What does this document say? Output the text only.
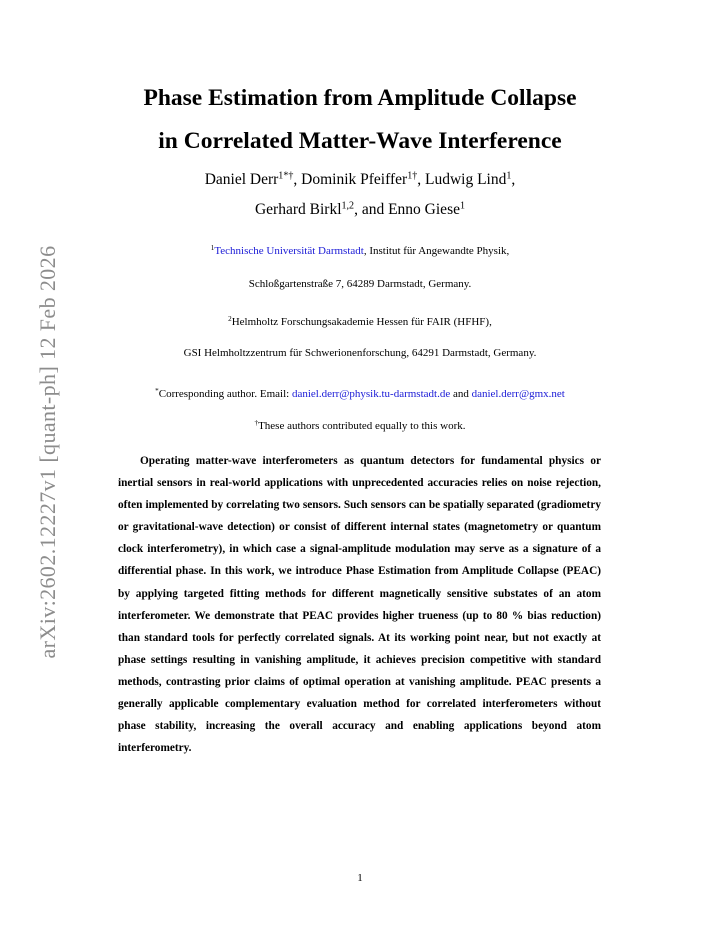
arXiv:2602.12227v1 [quant-ph] 12 Feb 2026
Phase Estimation from Amplitude Collapse
in Correlated Matter-Wave Interference
Daniel Derr$^{1*\dagger}$, Dominik Pfeiffer$^{1\dagger}$, Ludwig Lind$^1$,
Gerhard Birkl$^{1,2}$, and Enno Giese$^1$
$^1$Technische Universität Darmstadt, Institut für Angewandte Physik,
Schloßgartenstraße 7, 64289 Darmstadt, Germany.
$^2$Helmholtz Forschungsakademie Hessen für FAIR (HFHF),
GSI Helmholtzzentrum für Schwerionenforschung, 64291 Darmstadt, Germany.
*Corresponding author. Email: daniel.derr@physik.tu-darmstadt.de and daniel.derr@gmx.net
†These authors contributed equally to this work.

Operating matter-wave interferometers as quantum detectors for fundamental physics or inertial sensors in real-world applications with unprecedented accuracies relies on noise rejection, often implemented by correlating two sensors. Such sensors can be spatially separated (gradiometry or gravitational-wave detection) or consist of different internal states (magnetometry or quantum clock interferometry), in which case a signal-amplitude modulation may serve as a signature of a differential phase. In this work, we introduce Phase Estimation from Amplitude Collapse (PEAC) by applying targeted fitting methods for different magnetically sensitive substates of an atom interferometer. We demonstrate that PEAC provides higher trueness (up to 80 % bias reduction) than standard tools for perfectly correlated signals. At its working point near, but not exactly at phase settings resulting in vanishing amplitude, it achieves precision competitive with standard methods, contrasting prior claims of optimal operation at vanishing amplitude. PEAC presents a generally applicable complementary evaluation method for correlated interferometers without phase stability, increasing the overall accuracy and enabling applications beyond atom interferometry.

1
